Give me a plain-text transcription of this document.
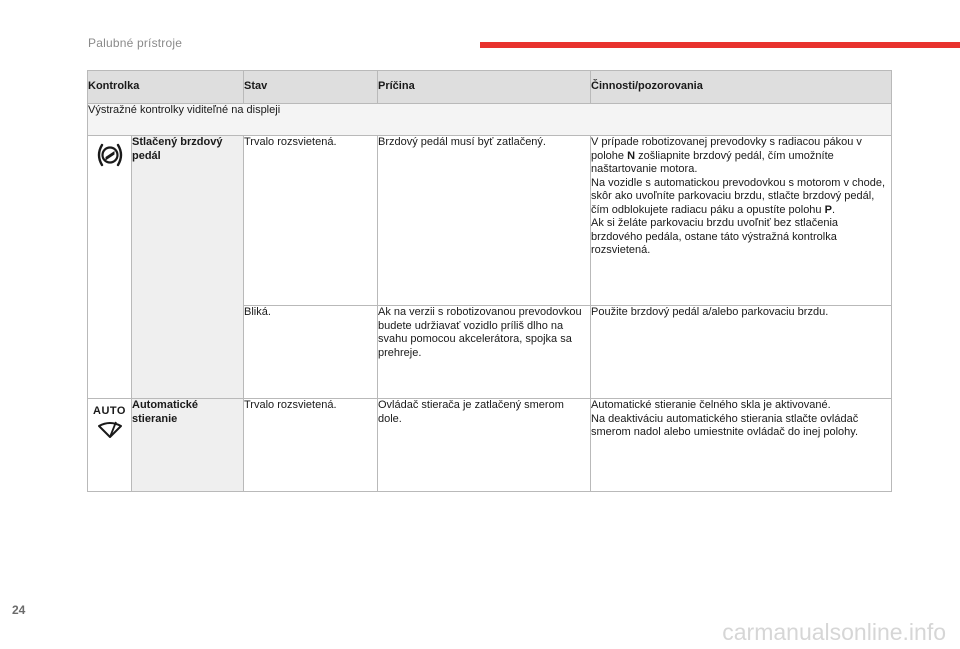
Palubné prístroje
Kontrolka		Stav	Príčina	Činnosti/pozorovania
Výstražné kontrolky viditeľné na displeji				

	Stlačený brzdový pedál	Trvalo rozsvietená.	Brzdový pedál musí byť zatlačený.	V prípade robotizovanej prevodovky s radiacou pákou v polohe N zošliapnite brzdový pedál, čím umožníte naštartovanie motora.
Na vozidle s automatickou prevodovkou s motorom v chode, skôr ako uvoľníte parkovaciu brzdu, stlačte brzdový pedál, čím odblokujete radiacu páku a opustíte polohu P.
Ak si želáte parkovaciu brzdu uvoľniť bez stlačenia brzdového pedála, ostane táto výstražná kontrolka rozsvietená.

		Bliká.	Ak na verzii s robotizovanou prevodovkou budete udržiavať vozidlo príliš dlho na svahu pomocou akcelerátora, spojka sa prehreje.	Použite brzdový pedál a/alebo parkovaciu brzdu.

AUTO	Automatické stieranie	Trvalo rozsvietená.	Ovládač stierača je zatlačený smerom dole.	Automatické stieranie čelného skla je aktivované.
Na deaktiváciu automatického stierania stlačte ovládač smerom nadol alebo umiestnite ovládač do inej polohy.
24
carmanualsonline.info
